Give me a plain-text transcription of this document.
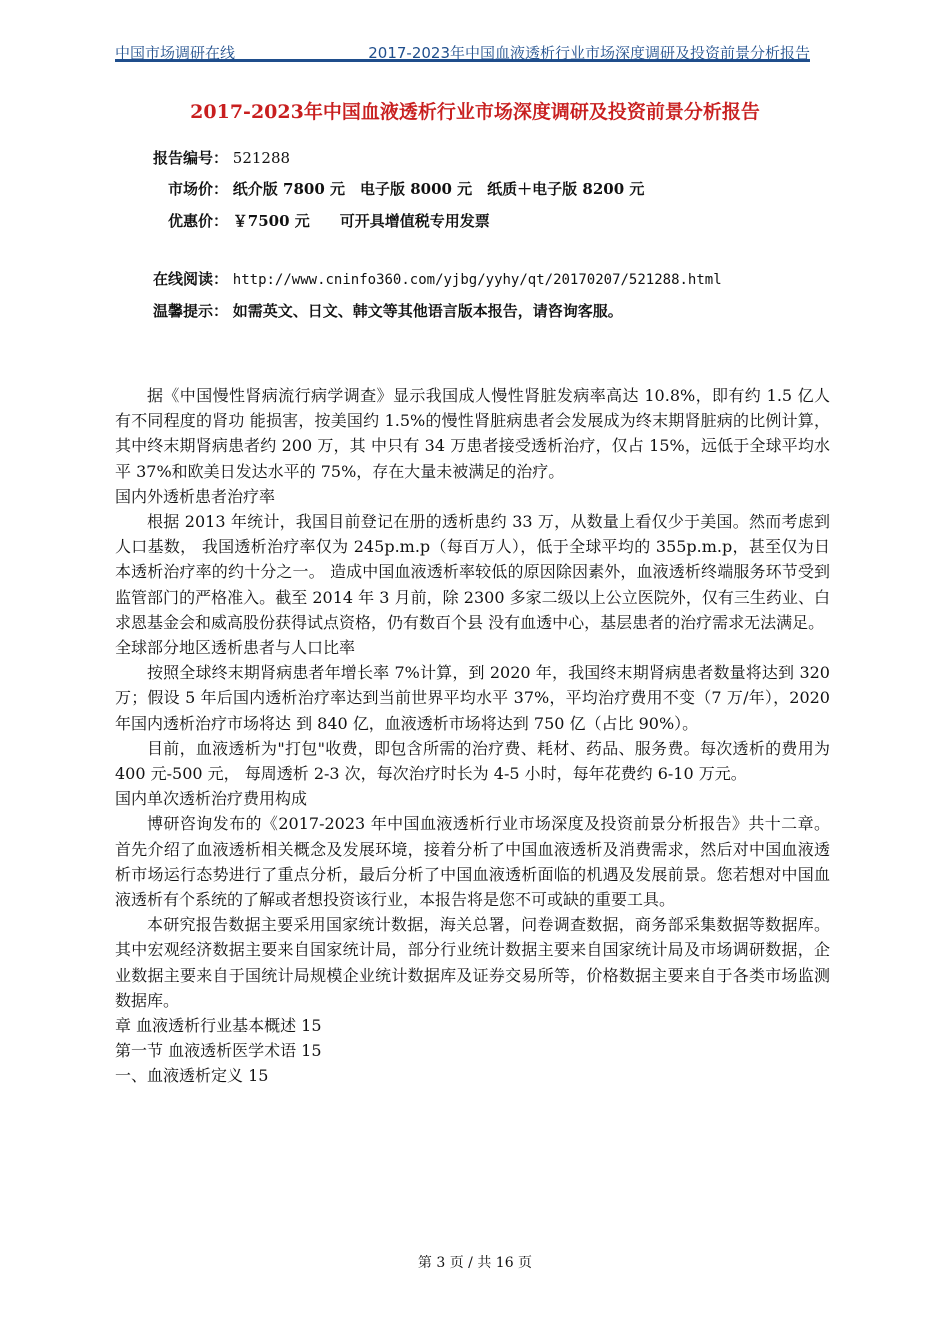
中国市场调研在线	2017-2023年中国血液透析行业市场深度调研及投资前景分析报告
2017-2023年中国血液透析行业市场深度调研及投资前景分析报告
报告编号： 521288
市场价： 纸介版 7800 元　电子版 8000 元　纸质＋电子版 8200 元
优惠价： ￥7500 元　　可开具增值税专用发票
在线阅读： http://www.cninfo360.com/yjbg/yyhy/qt/20170207/521288.html
温馨提示： 如需英文、日文、韩文等其他语言版本报告，请咨询客服。

据《中国慢性肾病流行病学调查》显示我国成人慢性肾脏发病率高达 10.8%，即有约 1.5 亿人有不同程度的肾功 能损害，按美国约 1.5%的慢性肾脏病患者会发展成为终末期肾脏病的比例计算，其中终末期肾病患者约 200 万，其 中只有 34 万患者接受透析治疗，仅占 15%，远低于全球平均水平 37%和欧美日发达水平的 75%，存在大量未被满足的治疗。

国内外透析患者治疗率

根据 2013 年统计，我国目前登记在册的透析患约 33 万，从数量上看仅少于美国。然而考虑到人口基数， 我国透析治疗率仅为 245p.m.p（每百万人），低于全球平均的 355p.m.p，甚至仅为日本透析治疗率的约十分之一。 造成中国血液透析率较低的原因除因素外，血液透析终端服务环节受到监管部门的严格准入。截至 2014 年 3 月前，除 2300 多家二级以上公立医院外，仅有三生药业、白求恩基金会和威高股份获得试点资格，仍有数百个县 没有血透中心，基层患者的治疗需求无法满足。

全球部分地区透析患者与人口比率

按照全球终末期肾病患者年增长率 7%计算，到 2020 年，我国终末期肾病患者数量将达到 320 万；假设 5 年后国内透析治疗率达到当前世界平均水平 37%，平均治疗费用不变（7 万/年），2020 年国内透析治疗市场将达 到 840 亿，血液透析市场将达到 750 亿（占比 90%）。

目前，血液透析为"打包"收费，即包含所需的治疗费、耗材、药品、服务费。每次透析的费用为 400 元-500 元， 每周透析 2-3 次，每次治疗时长为 4-5 小时，每年花费约 6-10 万元。

国内单次透析治疗费用构成

博研咨询发布的《2017-2023 年中国血液透析行业市场深度及投资前景分析报告》共十二章。首先介绍了血液透析相关概念及发展环境，接着分析了中国血液透析及消费需求，然后对中国血液透析市场运行态势进行了重点分析，最后分析了中国血液透析面临的机遇及发展前景。您若想对中国血液透析有个系统的了解或者想投资该行业，本报告将是您不可或缺的重要工具。

本研究报告数据主要采用国家统计数据，海关总署，问卷调查数据，商务部采集数据等数据库。其中宏观经济数据主要来自国家统计局，部分行业统计数据主要来自国家统计局及市场调研数据，企业数据主要来自于国统计局规模企业统计数据库及证券交易所等，价格数据主要来自于各类市场监测数据库。

章 血液透析行业基本概述 15

第一节 血液透析医学术语 15

一、血液透析定义 15

第 3 页 / 共 16 页
